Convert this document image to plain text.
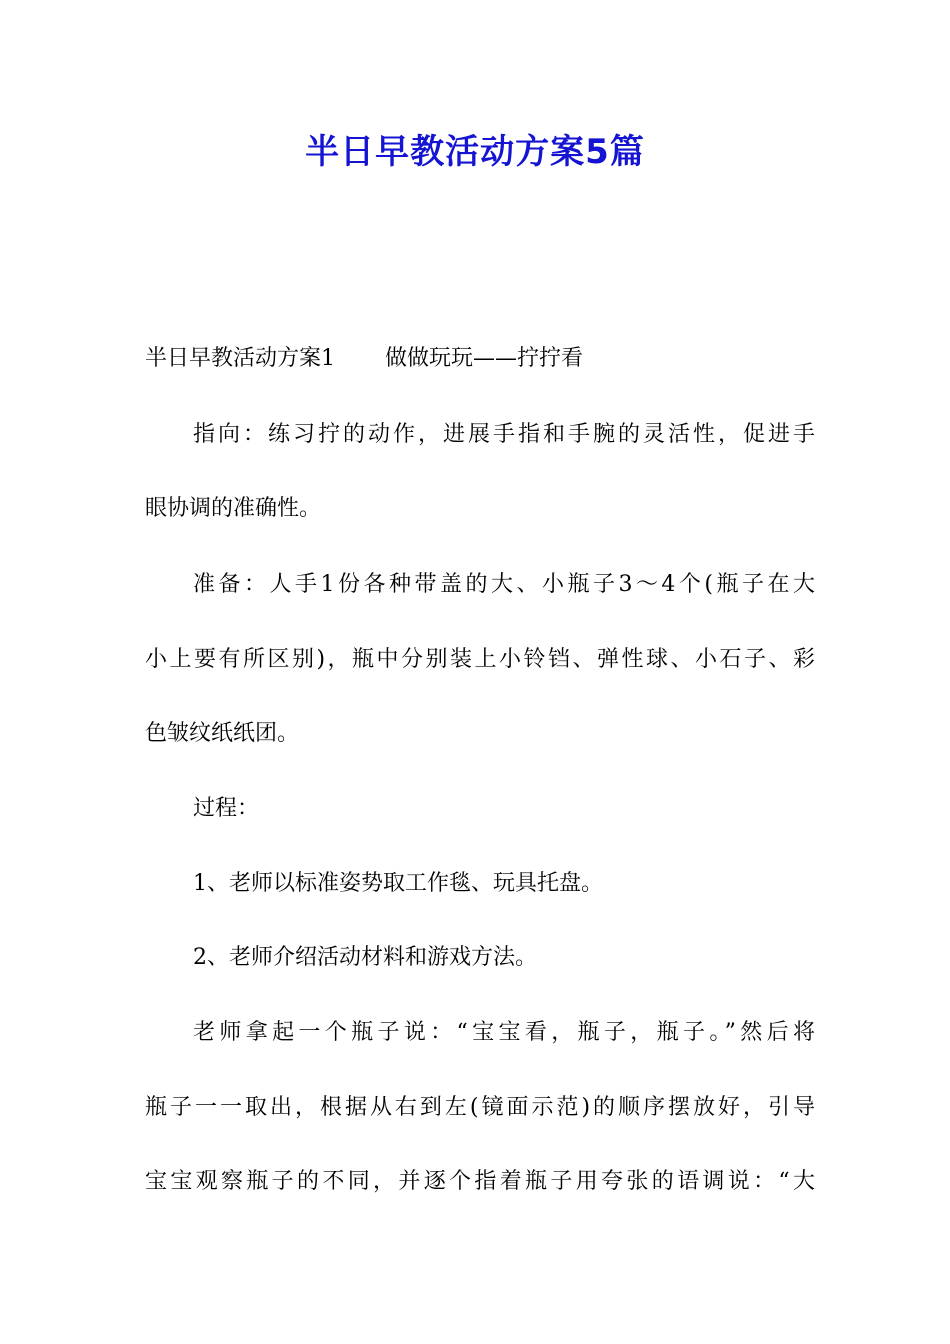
半日早教活动方案5篇

半日早教活动方案1 做做玩玩——拧拧看

指向：练习拧的动作，进展手指和手腕的灵活性，促进手

眼协调的准确性。

准备：人手1份各种带盖的大、小瓶子3～4个(瓶子在大

小上要有所区别)，瓶中分别装上小铃铛、弹性球、小石子、彩

色皱纹纸纸团。

过程：

1、老师以标准姿势取工作毯、玩具托盘。

2、老师介绍活动材料和游戏方法。

老师拿起一个瓶子说：“宝宝看，瓶子，瓶子。”然后将

瓶子一一取出，根据从右到左(镜面示范)的顺序摆放好，引导

宝宝观察瓶子的不同，并逐个指着瓶子用夸张的语调说：“大
